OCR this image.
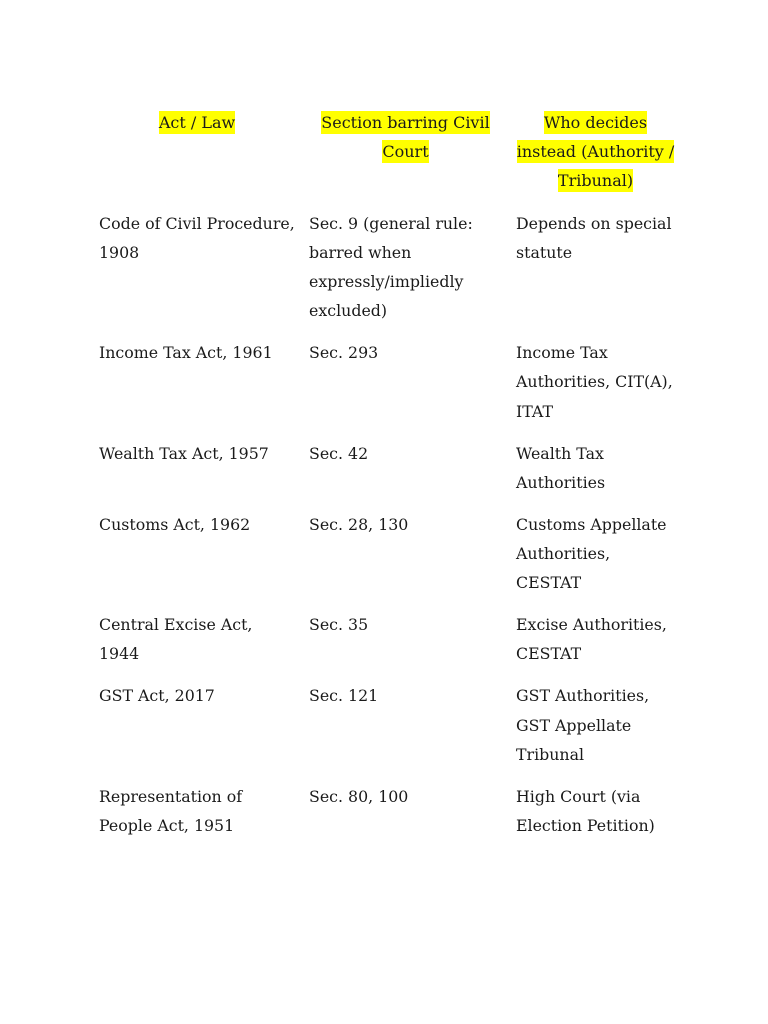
Act / Law	Section barring Civil Court	Who decides instead (Authority / Tribunal)
Code of Civil Procedure, 1908	Sec. 9 (general rule: barred when expressly/impliedly excluded)	Depends on special statute
Income Tax Act, 1961	Sec. 293	Income Tax Authorities, CIT(A), ITAT
Wealth Tax Act, 1957	Sec. 42	Wealth Tax Authorities
Customs Act, 1962	Sec. 28, 130	Customs Appellate Authorities, CESTAT
Central Excise Act, 1944	Sec. 35	Excise Authorities, CESTAT
GST Act, 2017	Sec. 121	GST Authorities, GST Appellate Tribunal
Representation of People Act, 1951	Sec. 80, 100	High Court (via Election Petition)
